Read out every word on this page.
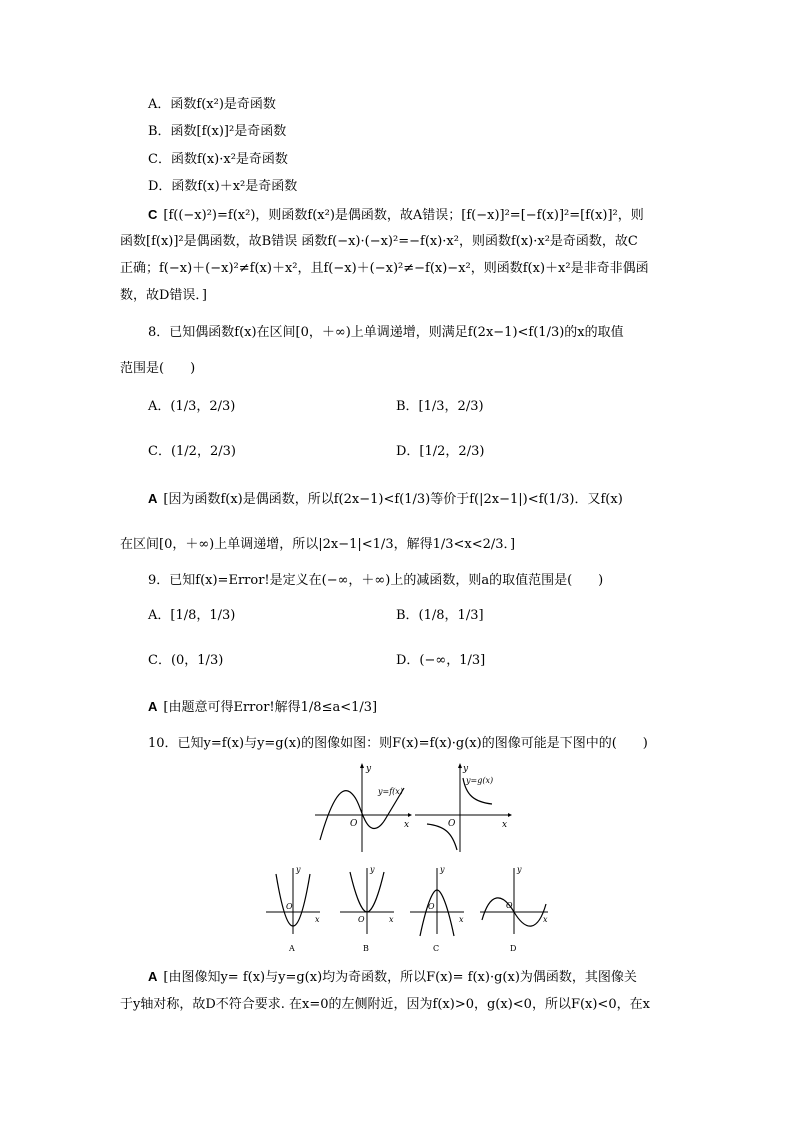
A．函数f(x²)是奇函数
B．函数[f(x)]²是奇函数
C．函数f(x)·x²是奇函数
D．函数f(x)＋x²是奇函数
C [f((−x)²)=f(x²)，则函数f(x²)是偶函数，故A错误；[f(−x)]²=[−f(x)]²=[f(x)]²，则
函数[f(x)]²是偶函数，故B错误 函数f(−x)·(−x)²=−f(x)·x²，则函数f(x)·x²是奇函数，故C
正确；f(−x)＋(−x)²≠f(x)＋x²，且f(−x)＋(−x)²≠−f(x)−x²，则函数f(x)＋x²是非奇非偶函
数，故D错误．]
8．已知偶函数f(x)在区间[0，＋∞)上单调递增，则满足f(2x−1)<f(1/3)的x的取值
范围是(　　)
A．(1/3，2/3)	B．[1/3，2/3)
C．(1/2，2/3)	D．[1/2，2/3)
A [因为函数f(x)是偶函数，所以f(2x−1)<f(1/3)等价于f(|2x−1|)<f(1/3)．又f(x)
在区间[0，＋∞)上单调递增，所以|2x−1|<1/3，解得1/3<x<2/3．]
9．已知f(x)=Error!是定义在(−∞，＋∞)上的减函数，则a的取值范围是(　　)
A．[1/8，1/3)	B．(1/8，1/3]
C．(0，1/3)	D．(−∞，1/3]
A [由题意可得Error!解得1/8≤a<1/3]
10．已知y=f(x)与y=g(x)的图像如图：则F(x)=f(x)·g(x)的图像可能是下图中的(　　)
y
x
O
y=f(x)
y
x
O
y=g(x)
y
x
O
A
y
x
O
B
y
x
O
C
y
x
O
D
A [由图像知y= f(x)与y=g(x)均为奇函数，所以F(x)= f(x)·g(x)为偶函数，其图像关
于y轴对称，故D不符合要求. 在x=0的左侧附近，因为f(x)>0，g(x)<0，所以F(x)<0，在x
